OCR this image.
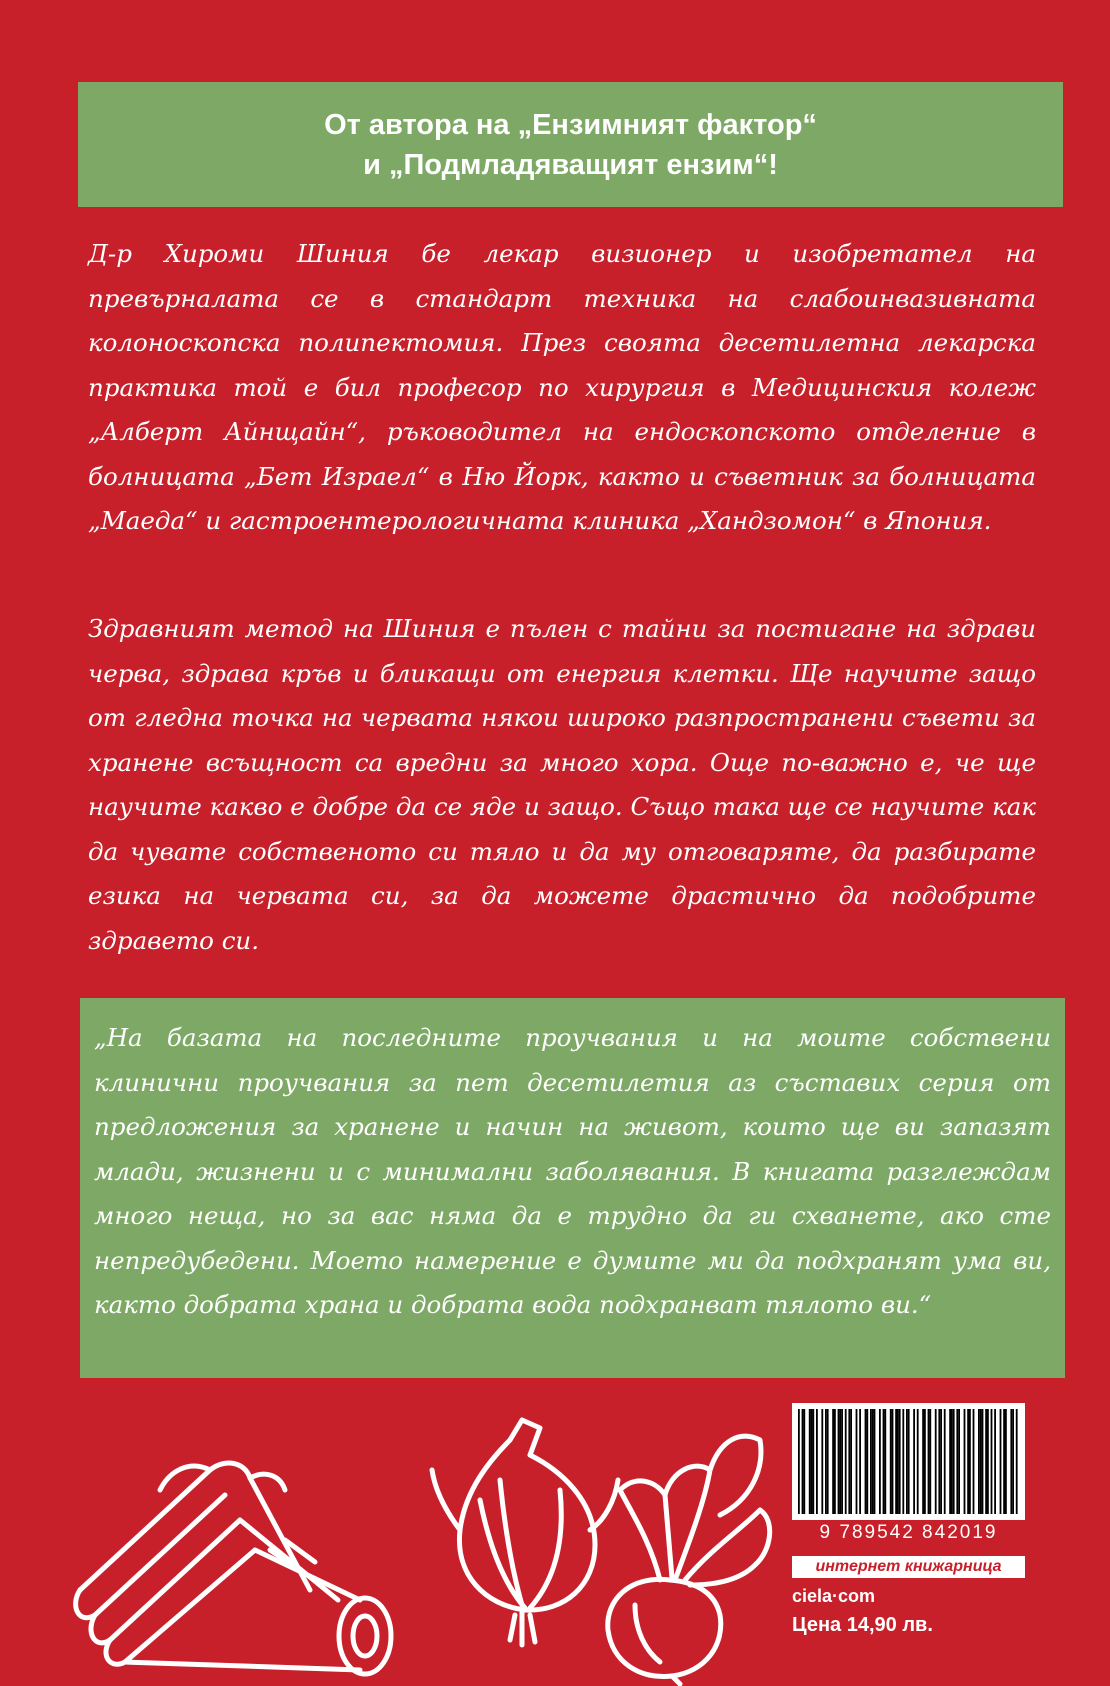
От автора на „Ензимният фактор“
и „Подмладяващият ензим“!

Д-р Хироми Шиния бе лекар визионер и изобретател на превърналата се в стандарт техника на слабоинвазивната колоноскопска полипектомия. През своята десетилетна лекарска практика той е бил професор по хирургия в Медицинския колеж „Алберт Айнщайн“, ръководител на ендоскопското отделение в болницата „Бет Израел“ в Ню Йорк, както и съветник за болницата „Маеда“ и гастроентерологичната клиника „Хандзомон“ в Япония.

Здравният метод на Шиния е пълен с тайни за постигане на здрави черва, здрава кръв и бликащи от енергия клетки. Ще научите защо от гледна точка на червата някои широко разпространени съвети за хранене всъщност са вредни за много хора. Още по-важно е, че ще научите какво е добре да се яде и защо. Също така ще се научите как да чувате собственото си тяло и да му отговаряте, да разбирате езика на червата си, за да можете драстично да подобрите здравето си.

„На базата на последните проучвания и на моите собствени клинични проучвания за пет десетилетия аз съставих серия от предложения за хранене и начин на живот, които ще ви запазят млади, жизнени и с минимални заболявания. В книгата разглеждам много неща, но за вас няма да е трудно да ги схванете, ако сте непредубедени. Моето намерение е думите ми да подхранят ума ви, както добрата храна и добрата вода подхранват тялото ви.“

9 789542 842019
интернет книжарница
ciela·com
Цена 14,90 лв.
